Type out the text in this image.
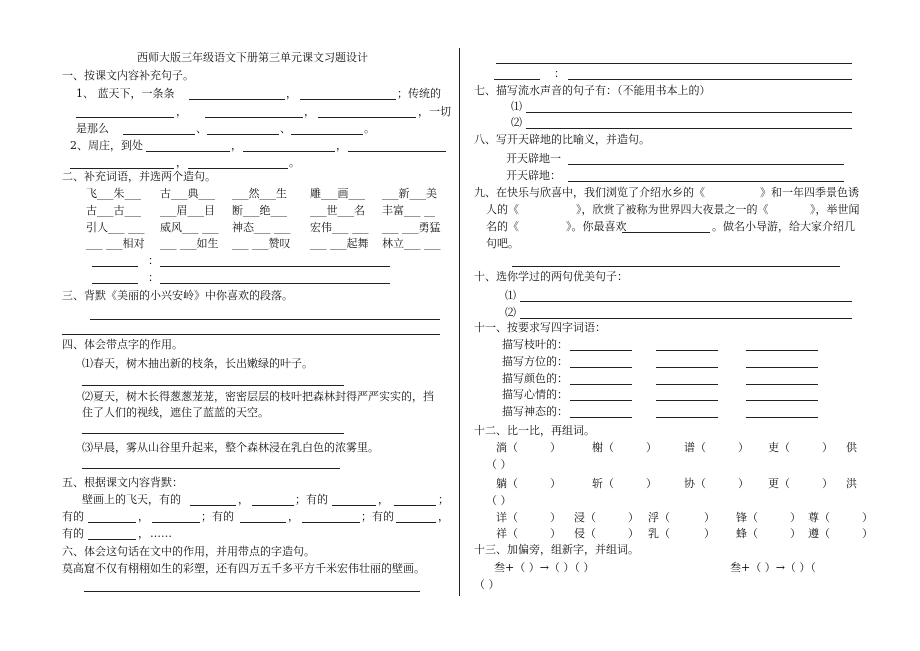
西师大版三年级语文下册第三单元课文习题设计
一、按课文内容补充句子。
1、 蓝天下，一条条	，	；传统的
，	，	，一切
是那么	、	、	。
2、周庄，到处	，	，
，	。
二、补充词语，并选两个造句。
飞___朱___ 古___典___ ___然___生 雕___画___ ___新___美
古___古___ ___眉___目 断___绝___ ___世___名 丰富___ __
引人___ ___ 威风___ ___ 神态___ ___ 宏伟___ ___ ___ ___勇猛
___ ___相对 ___ ___如生 ___ ___赞叹 ___ ___起舞 林立___ ___
：
：
三、背默《美丽的小兴安岭》中你喜欢的段落。
四、体会带点字的作用。
⑴春天，树木抽出新的枝条，长出嫩绿的叶子。
⑵夏天，树木长得葱葱茏茏，密密层层的枝叶把森林封得严严实实的，挡
住了人们的视线，遮住了蓝蓝的天空。
⑶早晨，雾从山谷里升起来，整个森林浸在乳白色的浓雾里。
五、根据课文内容背默：
壁画上的飞天，有的	，	；有的	，	；
有的	，	；有的	，	；有的	，
有的	， ……
六、体会这句话在文中的作用，并用带点的字造句。
莫高窟不仅有栩栩如生的彩塑，还有四万五千多平方千米宏伟壮丽的壁画。
：
七、描写流水声音的句子有：（不能用书本上的）
⑴
⑵
八、写开天辟地的比喻义，并造句。
开天辟地一
开天辟地：
九、在快乐与欣喜中，我们浏览了介绍水乡的《	》和一年四季景色诱
人的《	》，欣赏了被称为世界四大夜景之一的《	》，举世闻
名的《	》。你最喜欢	。做名小导游，给大家介绍几
句吧。
十、选你学过的两句优美句子：
⑴
⑵
十一、按要求写四字词语：
描写枝叶的：
描写方位的：
描写颜色的：
描写心情的：
描写神态的：
十二、比一比，再组词。
淌（	）	榭（	） 谱（	） 吏（	） 供
（ ）
躺（	）	斩（	） 协（	） 更（	） 洪
（ ）
详（	） 浸（	） 浮（	） 锋（	） 尊（	）
祥（	） 侵（	） 乳（	） 蜂（	） 遵（	）
十三、加偏旁，组新字，并组词。
叁+（ ）→（ ）（ ）	叁+（ ）→（ ）（
（ ）
